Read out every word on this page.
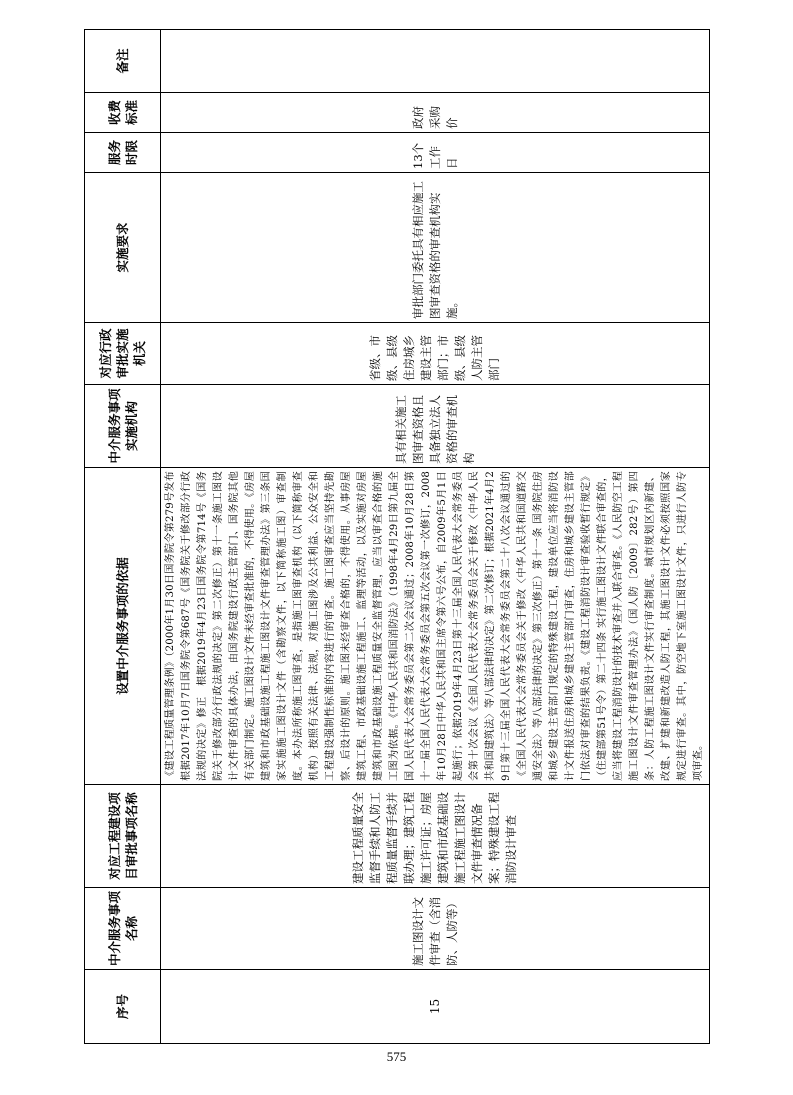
序号	中介服务事项名称	对应工程建设项目审批事项名称	设置中介服务事项的依据	中介服务事项实施机构	对应行政审批实施机关	实施要求	服务时限	收费标准	备注
15	施工图设计文件审查（含消防、人防等）	建设工程质量安全监督手续和人防工程质量监督手续并联办理；建筑工程施工许可证；房屋建筑和市政基础设施工程施工图设计文件审查情况备案；特殊建设工程消防设计审查	《建设工程质量管理条例》（2000年1月30日国务院令第279号发布根据2017年10月7日国务院令第687号《国务院关于修改部分行政法规的决定》修正　根据2019年4月23日国务院令第714号《国务院关于修改部分行政法规的决定》第二次修正）第十一条施工图设计文件审查的具体办法，由国务院建设行政主管部门、国务院其他有关部门制定。施工图设计文件未经审查批准的，不得使用。《房屋建筑和市政基础设施工程施工图设计文件审查管理办法》第三条国家实施施工图设计文件（含勘察文件，以下简称施工图）审查制度。本办法所称施工图审查，是指施工图审查机构（以下简称审查机构）按照有关法律、法规，对施工图涉及公共利益、公众安全和工程建设强制性标准的内容进行的审查。施工图审查应当坚持先勘察、后设计的原则。施工图未经审查合格的，不得使用。从事房屋建筑工程、市政基础设施工程施工、监理等活动，以及实施对房屋建筑和市政基础设施工程质量安全监督管理，应当以审查合格的施工图为依据。《中华人民共和国消防法》（1998年4月29日第九届全国人民代表大会常务委员会第二次会议通过；2008年10月28日第十一届全国人民代表大会常务委员会第五次会议第一次修订，2008年10月28日中华人民共和国主席令第六号公布，自2009年5月1日起施行；依据2019年4月23日第十三届全国人民代表大会常务委员会第十次会议《全国人民代表大会常务委员会关于修改〈中华人民共和国建筑法〉等八部法律的决定》第二次修订；根据2021年4月29日第十三届全国人民代表大会常务委员会第二十八次会议通过的《全国人民代表大会常务委员会关于修改〈中华人民共和国道路交通安全法〉等八部法律的决定》第三次修正）第十一条 国务院住房和城乡建设主管部门规定的特殊建设工程，建设单位应当将消防设计文件报送住房和城乡建设主管部门审查，住房和城乡建设主管部门依法对审查的结果负责。《建设工程消防设计审查验收暂行规定》（住建部第51号令）第二十四条 实行施工图设计文件联合审查的，应当将建设工程消防设计的技术审查并入联合审查。《人民防空工程施工图设计文件审查管理办法》（国人防〔2009〕282号）第四条：人防工程施工图设计文件实行审查制度。城市规划区内新建、改建、扩建和新建改造人防工程，其施工图设计文件必须按照国家规定进行审查。其中，防空地下室施工图设计文件，只进行人防专项审查。	具有相关施工图审查资格且具备独立法人资格的审查机构	省级、市级、县级住房城乡建设主管部门；市级、县级人防主管部门	审批部门委托具有相应施工图审查资格的审查机构实施。	13个工作日	政府采购价	
575
